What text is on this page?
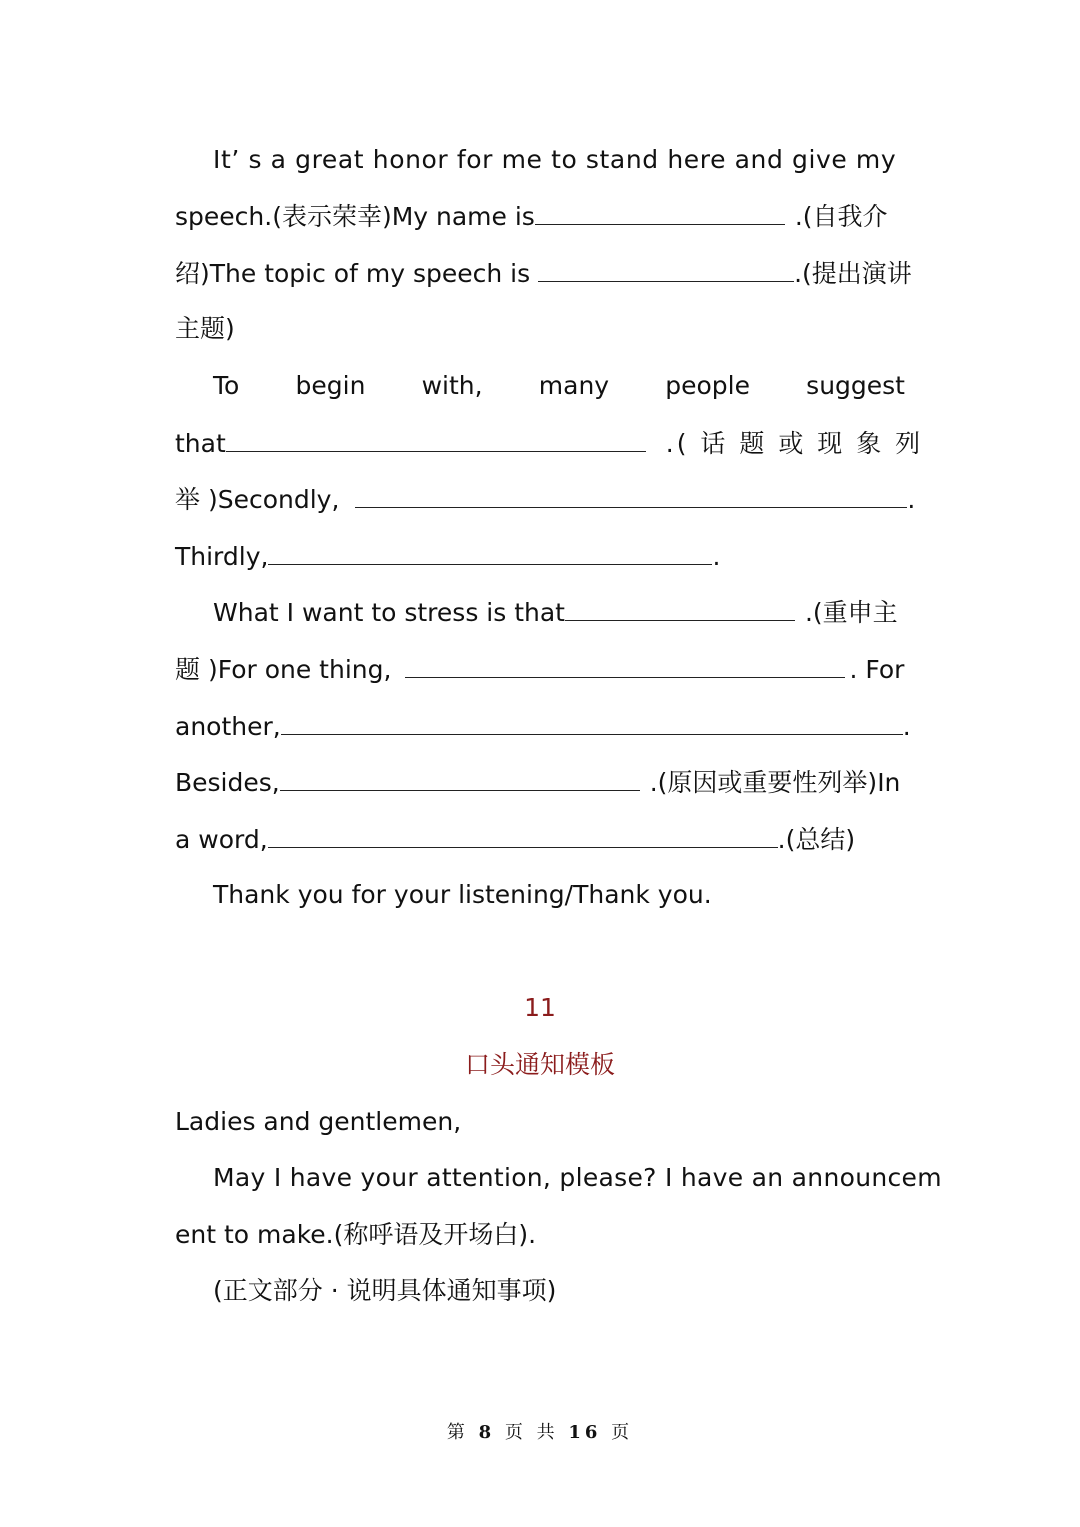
It’ s a great honor for me to stand here and give my
speech.(表示荣幸)My name is	.(自我介
绍)The topic of my speech is	.(提出演讲
主题)
To begin with, many people suggest
that	.( 话 题 或 现 象 列
举 )Secondly,	.
Thirdly,	.
What I want to stress is that	.(重申主
题 )For one thing,	. For
another,	.
Besides,	.(原因或重要性列举)In
a word,	.(总结)
Thank you for your listening/Thank you.
11
口头通知模板
Ladies and gentlemen,
May I have your attention, please? I have an announcem
ent to make.(称呼语及开场白).
(正文部分 · 说明具体通知事项)
第 8 页 共 16 页
